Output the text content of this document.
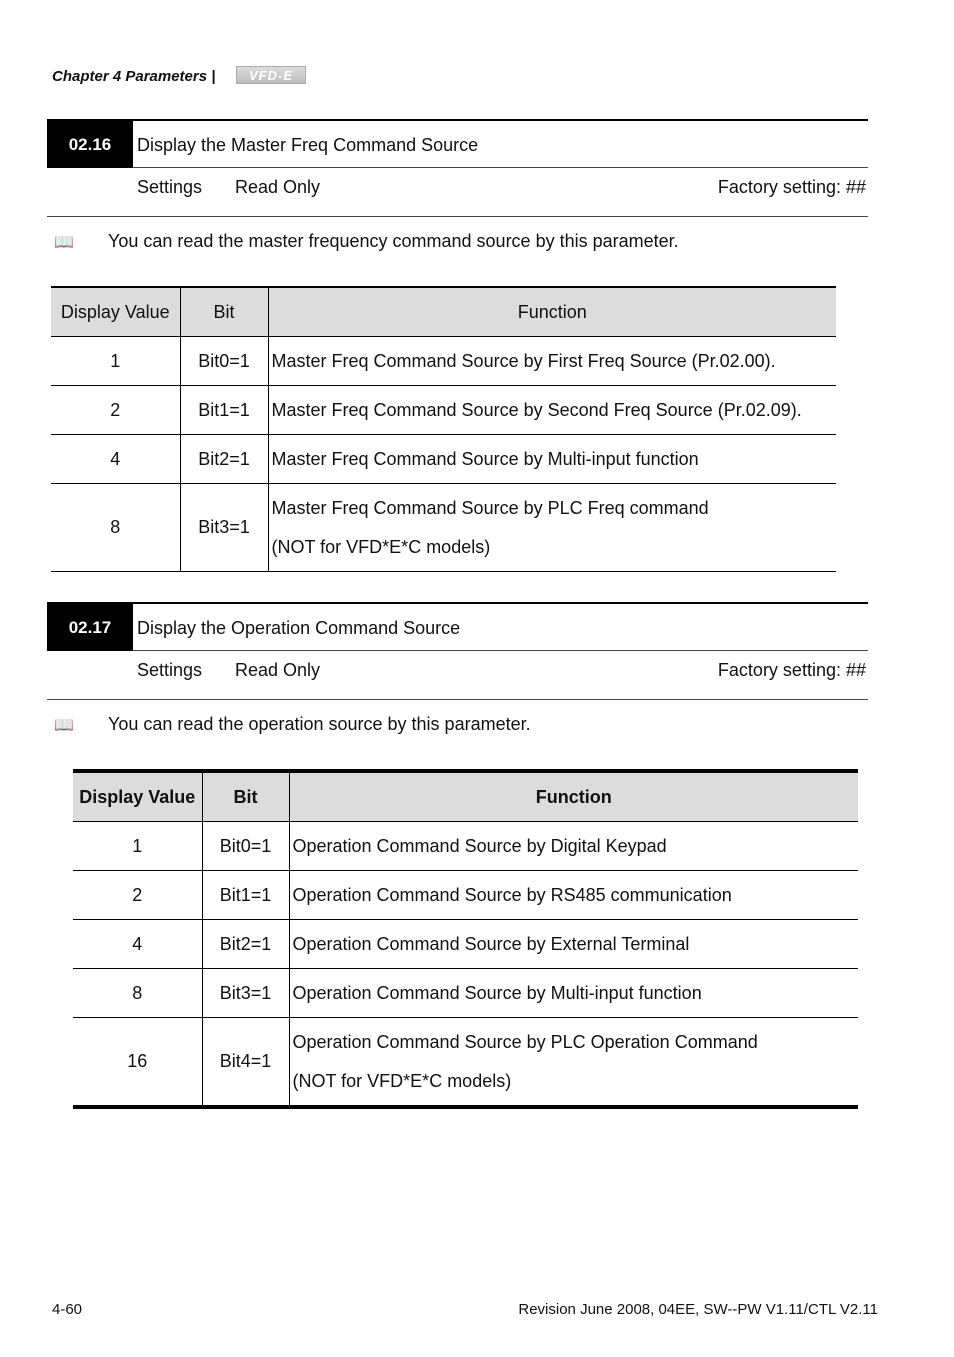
Chapter 4 Parameters |	VFD-E
02.16	Display the Master Freq Command Source
Settings Read Only	Factory setting: ##
📖 You can read the master frequency command source by this parameter.
Display Value	Bit	Function
1	Bit0=1	Master Freq Command Source by First Freq Source (Pr.02.00).
2	Bit1=1	Master Freq Command Source by Second Freq Source (Pr.02.09).
4	Bit2=1	Master Freq Command Source by Multi-input function
8	Bit3=1	Master Freq Command Source by PLC Freq command
(NOT for VFD*E*C models)
02.17	Display the Operation Command Source
Settings Read Only	Factory setting: ##
📖 You can read the operation source by this parameter.
Display Value	Bit	Function
1	Bit0=1	Operation Command Source by Digital Keypad
2	Bit1=1	Operation Command Source by RS485 communication
4	Bit2=1	Operation Command Source by External Terminal
8	Bit3=1	Operation Command Source by Multi-input function
16	Bit4=1	Operation Command Source by PLC Operation Command
(NOT for VFD*E*C models)
4-60	Revision June 2008, 04EE, SW--PW V1.11/CTL V2.11
